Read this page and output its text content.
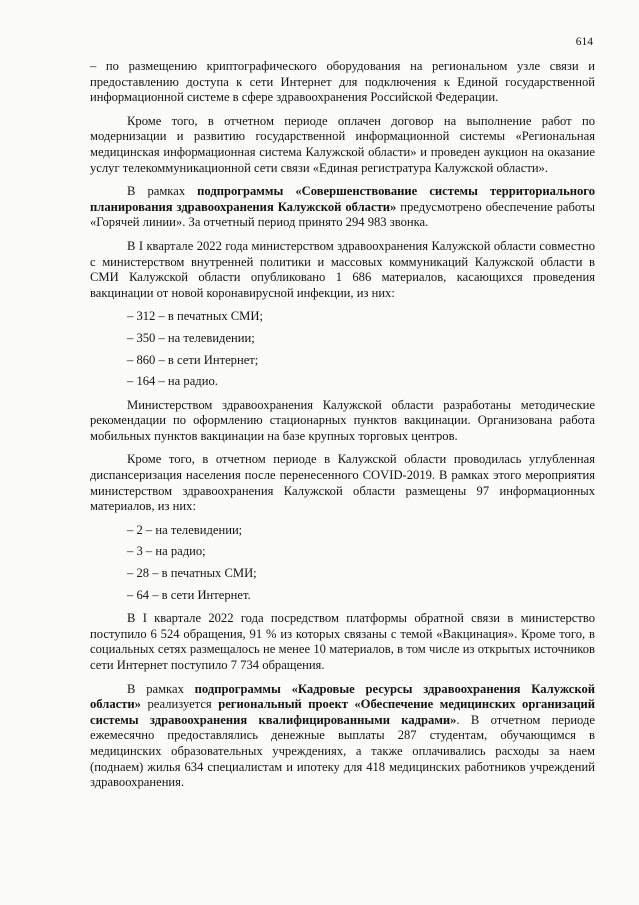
614

– по размещению криптографического оборудования на региональном узле связи и предоставлению доступа к сети Интернет для подключения к Единой государственной информационной системе в сфере здравоохранения Российской Федерации.

Кроме того, в отчетном периоде оплачен договор на выполнение работ по модернизации и развитию государственной информационной системы «Региональная медицинская информационная система Калужской области» и проведен аукцион на оказание услуг телекоммуникационной сети связи «Единая регистратура Калужской области».

В рамках подпрограммы «Совершенствование системы территориального планирования здравоохранения Калужской области» предусмотрено обеспечение работы «Горячей линии». За отчетный период принято 294 983 звонка.

В I квартале 2022 года министерством здравоохранения Калужской области совместно с министерством внутренней политики и массовых коммуникаций Калужской области в СМИ Калужской области опубликовано 1 686 материалов, касающихся проведения вакцинации от новой коронавирусной инфекции, из них:

– 312 – в печатных СМИ;
– 350 – на телевидении;
– 860 – в сети Интернет;
– 164 – на радио.

Министерством здравоохранения Калужской области разработаны методические рекомендации по оформлению стационарных пунктов вакцинации. Организована работа мобильных пунктов вакцинации на базе крупных торговых центров.

Кроме того, в отчетном периоде в Калужской области проводилась углубленная диспансеризация населения после перенесенного COVID-2019. В рамках этого мероприятия министерством здравоохранения Калужской области размещены 97 информационных материалов, из них:

– 2 – на телевидении;
– 3 – на радио;
– 28 – в печатных СМИ;
– 64 – в сети Интернет.

В I квартале 2022 года посредством платформы обратной связи в министерство поступило 6 524 обращения, 91 % из которых связаны с темой «Вакцинация». Кроме того, в социальных сетях размещалось не менее 10 материалов, в том числе из открытых источников сети Интернет поступило 7 734 обращения.

В рамках подпрограммы «Кадровые ресурсы здравоохранения Калужской области» реализуется региональный проект «Обеспечение медицинских организаций системы здравоохранения квалифицированными кадрами». В отчетном периоде ежемесячно предоставлялись денежные выплаты 287 студентам, обучающимся в медицинских образовательных учреждениях, а также оплачивались расходы за наем (поднаем) жилья 634 специалистам и ипотеку для 418 медицинских работников учреждений здравоохранения.
